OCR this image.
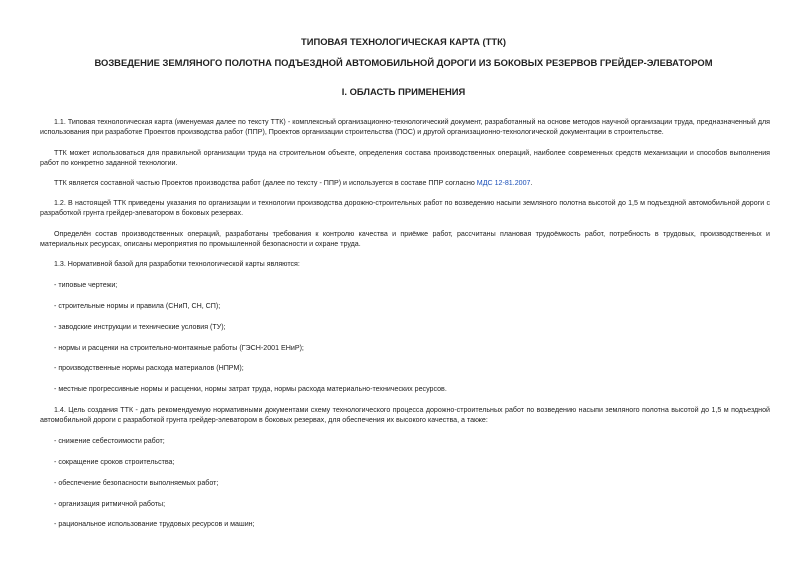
ТИПОВАЯ ТЕХНОЛОГИЧЕСКАЯ КАРТА (ТТК)
ВОЗВЕДЕНИЕ ЗЕМЛЯНОГО ПОЛОТНА ПОДЪЕЗДНОЙ АВТОМОБИЛЬНОЙ ДОРОГИ ИЗ БОКОВЫХ РЕЗЕРВОВ ГРЕЙДЕР-ЭЛЕВАТОРОМ
I. ОБЛАСТЬ ПРИМЕНЕНИЯ

1.1. Типовая технологическая карта (именуемая далее по тексту ТТК) - комплексный организационно-технологический документ, разработанный на основе методов научной организации труда, предназначенный для использования при разработке Проектов производства работ (ППР), Проектов организации строительства (ПОС) и другой организационно-технологической документации в строительстве.

ТТК может использоваться для правильной организации труда на строительном объекте, определения состава производственных операций, наиболее современных средств механизации и способов выполнения работ по конкретно заданной технологии.

ТТК является составной частью Проектов производства работ (далее по тексту - ППР) и используется в составе ППР согласно МДС 12-81.2007.

1.2. В настоящей ТТК приведены указания по организации и технологии производства дорожно-строительных работ по возведению насыпи земляного полотна высотой до 1,5 м подъездной автомобильной дороги с разработкой грунта грейдер-элеватором в боковых резервах.

Определён состав производственных операций, разработаны требования к контролю качества и приёмке работ, рассчитаны плановая трудоёмкость работ, потребность в трудовых, производственных и материальных ресурсах, описаны мероприятия по промышленной безопасности и охране труда.

1.3. Нормативной базой для разработки технологической карты являются:

- типовые чертежи;

- строительные нормы и правила (СНиП, СН, СП);

- заводские инструкции и технические условия (ТУ);

- нормы и расценки на строительно-монтажные работы (ГЭСН-2001 ЕНиР);

- производственные нормы расхода материалов (НПРМ);

- местные прогрессивные нормы и расценки, нормы затрат труда, нормы расхода материально-технических ресурсов.

1.4. Цель создания ТТК - дать рекомендуемую нормативными документами схему технологического процесса дорожно-строительных работ по возведению насыпи земляного полотна высотой до 1,5 м подъездной автомобильной дороги с разработкой грунта грейдер-элеватором в боковых резервах, для обеспечения их высокого качества, а также:

- снижение себестоимости работ;

- сокращение сроков строительства;

- обеспечение безопасности выполняемых работ;

- организация ритмичной работы;

- рациональное использование трудовых ресурсов и машин;
